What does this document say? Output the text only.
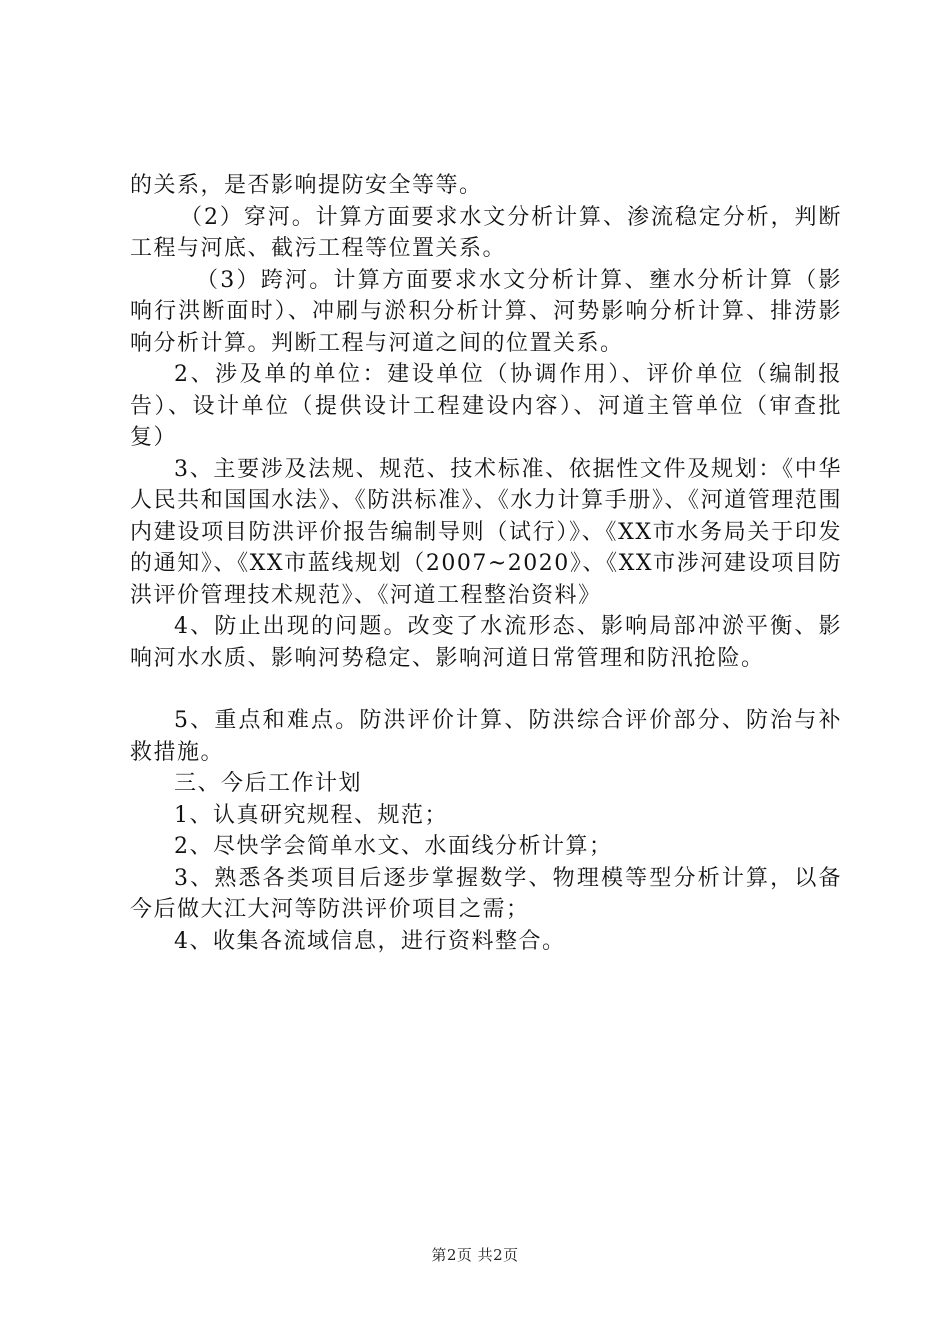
的关系，是否影响提防安全等等。

（2）穿河。计算方面要求水文分析计算、渗流稳定分析，判断工程与河底、截污工程等位置关系。

（3）跨河。计算方面要求水文分析计算、壅水分析计算（影响行洪断面时）、冲刷与淤积分析计算、河势影响分析计算、排涝影响分析计算。判断工程与河道之间的位置关系。

2、涉及单的单位：建设单位（协调作用）、评价单位（编制报告）、设计单位（提供设计工程建设内容）、河道主管单位（审查批复）

3、主要涉及法规、规范、技术标准、依据性文件及规划：《中华人民共和国国水法》、《防洪标准》、《水力计算手册》、《河道管理范围内建设项目防洪评价报告编制导则（试行）》、《XX市水务局关于印发的通知》、《XX市蓝线规划（2007~2020》、《XX市涉河建设项目防洪评价管理技术规范》、《河道工程整治资料》

4、防止出现的问题。改变了水流形态、影响局部冲淤平衡、影响河水水质、影响河势稳定、影响河道日常管理和防汛抢险。

5、重点和难点。防洪评价计算、防洪综合评价部分、防治与补救措施。

三、今后工作计划

1、认真研究规程、规范；

2、尽快学会简单水文、水面线分析计算；

3、熟悉各类项目后逐步掌握数学、物理模等型分析计算，以备今后做大江大河等防洪评价项目之需；

4、收集各流域信息，进行资料整合。

第2页 共2页
